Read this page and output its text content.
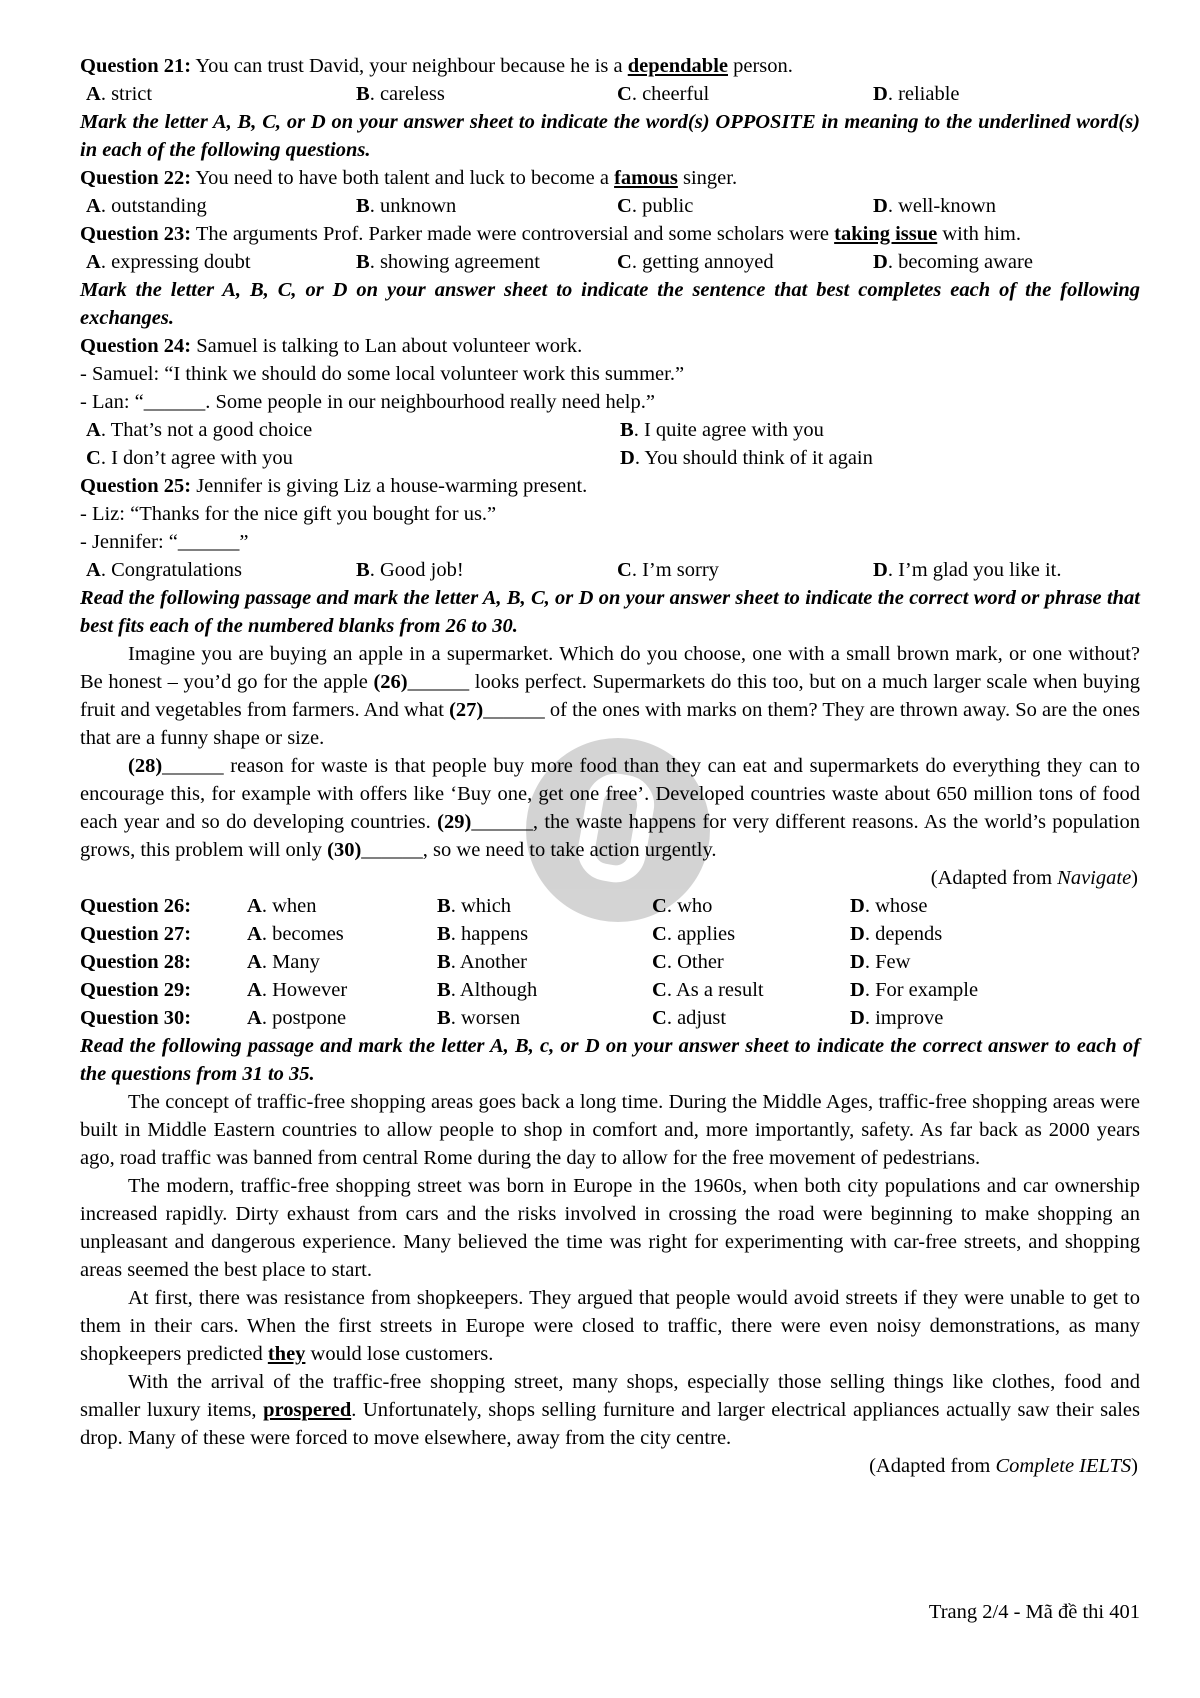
Question 21: You can trust David, your neighbour because he is a dependable person.

A. strict	B. careless	C. cheerful	D. reliable

Mark the letter A, B, C, or D on your answer sheet to indicate the word(s) OPPOSITE in meaning to the underlined word(s) in each of the following questions.

Question 22: You need to have both talent and luck to become a famous singer.

A. outstanding	B. unknown	C. public	D. well-known

Question 23: The arguments Prof. Parker made were controversial and some scholars were taking issue with him.

A. expressing doubt	B. showing agreement	C. getting annoyed	D. becoming aware

Mark the letter A, B, C, or D on your answer sheet to indicate the sentence that best completes each of the following exchanges.

Question 24: Samuel is talking to Lan about volunteer work.

- Samuel: “I think we should do some local volunteer work this summer.”

- Lan: “______. Some people in our neighbourhood really need help.”

A. That’s not a good choice	B. I quite agree with you
C. I don’t agree with you	D. You should think of it again

Question 25: Jennifer is giving Liz a house-warming present.

- Liz: “Thanks for the nice gift you bought for us.”

- Jennifer: “______”

A. Congratulations	B. Good job!	C. I’m sorry	D. I’m glad you like it.

Read the following passage and mark the letter A, B, C, or D on your answer sheet to indicate the correct word or phrase that best fits each of the numbered blanks from 26 to 30.

Imagine you are buying an apple in a supermarket. Which do you choose, one with a small brown mark, or one without? Be honest – you’d go for the apple (26)______ looks perfect. Supermarkets do this too, but on a much larger scale when buying fruit and vegetables from farmers. And what (27)______ of the ones with marks on them? They are thrown away. So are the ones that are a funny shape or size.

(28)______ reason for waste is that people buy more food than they can eat and supermarkets do everything they can to encourage this, for example with offers like ‘Buy one, get one free’. Developed countries waste about 650 million tons of food each year and so do developing countries. (29)______, the waste happens for very different reasons. As the world’s population grows, this problem will only (30)______, so we need to take action urgently.

(Adapted from Navigate)

Question 26:	A. when	B. which	C. who	D. whose
Question 27:	A. becomes	B. happens	C. applies	D. depends
Question 28:	A. Many	B. Another	C. Other	D. Few
Question 29:	A. However	B. Although	C. As a result	D. For example
Question 30:	A. postpone	B. worsen	C. adjust	D. improve

Read the following passage and mark the letter A, B, c, or D on your answer sheet to indicate the correct answer to each of the questions from 31 to 35.

The concept of traffic-free shopping areas goes back a long time. During the Middle Ages, traffic-free shopping areas were built in Middle Eastern countries to allow people to shop in comfort and, more importantly, safety. As far back as 2000 years ago, road traffic was banned from central Rome during the day to allow for the free movement of pedestrians.

The modern, traffic-free shopping street was born in Europe in the 1960s, when both city populations and car ownership increased rapidly. Dirty exhaust from cars and the risks involved in crossing the road were beginning to make shopping an unpleasant and dangerous experience. Many believed the time was right for experimenting with car-free streets, and shopping areas seemed the best place to start.

At first, there was resistance from shopkeepers. They argued that people would avoid streets if they were unable to get to them in their cars. When the first streets in Europe were closed to traffic, there were even noisy demonstrations, as many shopkeepers predicted they would lose customers.

With the arrival of the traffic-free shopping street, many shops, especially those selling things like clothes, food and smaller luxury items, prospered. Unfortunately, shops selling furniture and larger electrical appliances actually saw their sales drop. Many of these were forced to move elsewhere, away from the city centre.

(Adapted from Complete IELTS)

Trang 2/4 - Mã đề thi 401
